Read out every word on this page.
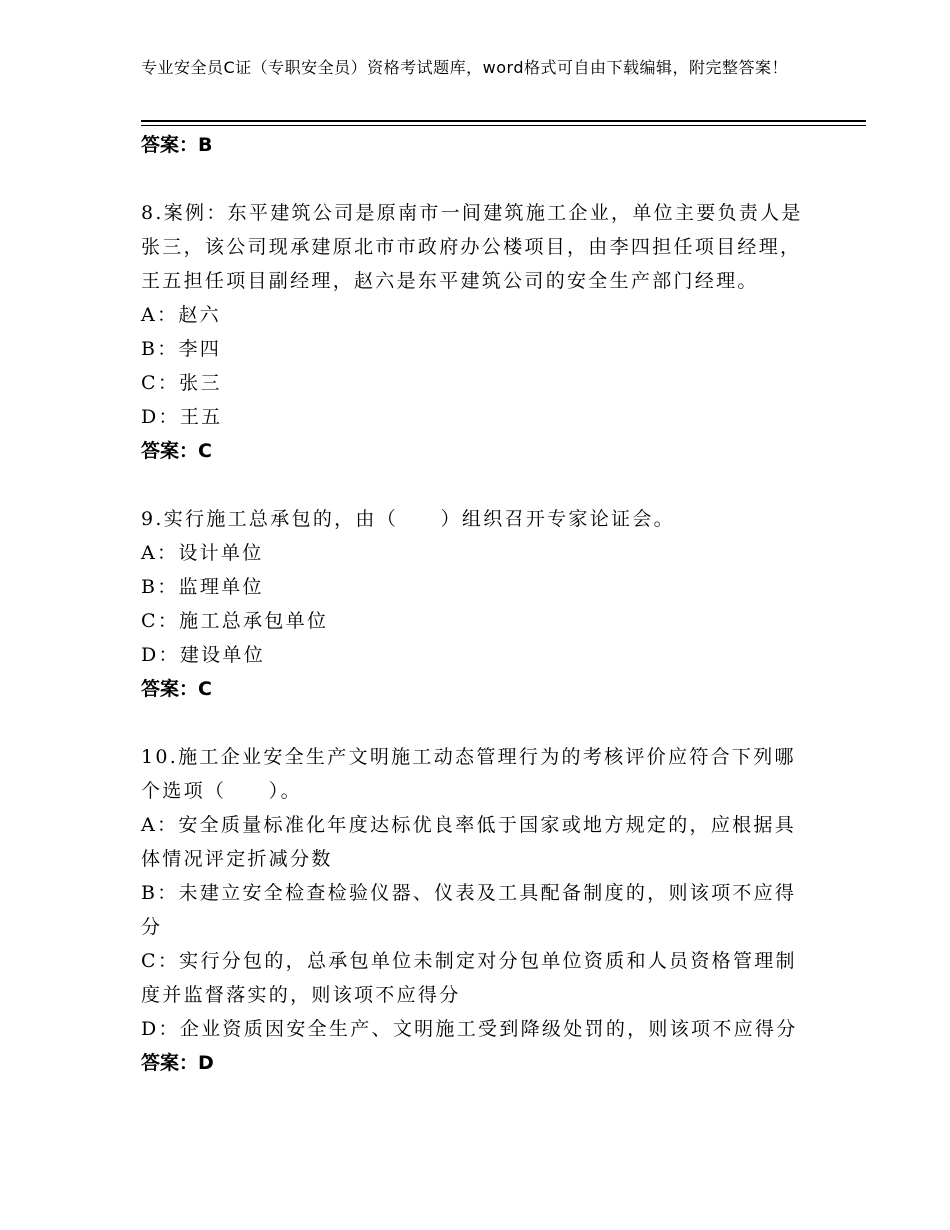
专业安全员C证（专职安全员）资格考试题库，word格式可自由下载编辑，附完整答案！
答案：B

8.案例：东平建筑公司是原南市一间建筑施工企业，单位主要负责人是张三，该公司现承建原北市市政府办公楼项目，由李四担任项目经理，王五担任项目副经理，赵六是东平建筑公司的安全生产部门经理。

A：赵六

B：李四

C：张三

D：王五

答案：C

9.实行施工总承包的，由（　　）组织召开专家论证会。

A：设计单位

B：监理单位

C：施工总承包单位

D：建设单位

答案：C

10.施工企业安全生产文明施工动态管理行为的考核评价应符合下列哪个选项（　　）。

A：安全质量标准化年度达标优良率低于国家或地方规定的，应根据具体情况评定折减分数

B：未建立安全检查检验仪器、仪表及工具配备制度的，则该项不应得分

C：实行分包的，总承包单位未制定对分包单位资质和人员资格管理制度并监督落实的，则该项不应得分

D：企业资质因安全生产、文明施工受到降级处罚的，则该项不应得分

答案：D
